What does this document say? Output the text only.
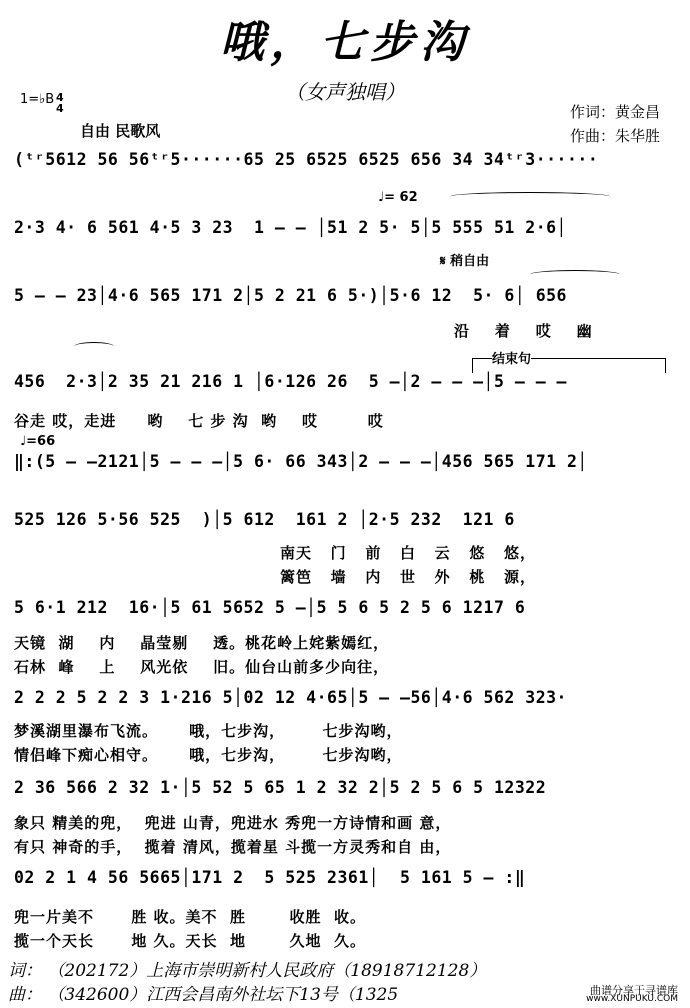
哦，七步沟
（女声独唱）
1=♭B 4
4
自由 民歌风
作词：黄金昌
作曲：朱华胜
(ᵗʳ5612 56 56ᵗʳ5······65 25 6525 6525 656 34 34ᵗʳ3······
♩= 62
2·3 4· 6 561 4·5 3 23  1 — — │51 2 5· 5│5 555 51 2·6│
𝄋 稍自由
5 — — 23│4·6 565 171 2│5 2 21 6 5·)│5·6 12  5· 6│ 656
沿    着    哎    幽
结束句
456  2·3│2 35 21 216 1 │6·126 26  5 —│2 — — —│5 — — —
谷走 哎，走进     哟    七 步 沟  哟    哎        哎
♩=66
‖:(5 — —2121│5 — — —│5 6· 66 343│2 — — —│456 565 171 2│
525 126 5·56 525  )│5 612  161 2 │2·5 232  121 6
南天   门   前   白   云   悠   悠，
篱笆   墙   内   世   外   桃   源，
5 6·1 212  16·│5 61 5652 5 —│5 5 6 5 2 5 6 1217 6
天镜  湖    内    晶莹剔    透。桃花岭上姹紫嫣红，
石林  峰    上    风光依    旧。仙台山前多少向往，
2 2 2 5 2 2 3 1·216 5│02 12 4·65│5 — —56│4·6 562 323·
梦溪湖里瀑布飞流。     哦，七步沟，      七步沟哟，
情侣峰下痴心相守。     哦，七步沟，      七步沟哟，
2 36 566 2 32 1·│5 52 5 65 1 2 32 2│5 2 5 6 5 12322
象只 精美的兜，  兜进 山青，兜进水 秀兜一方诗情和画 意，
有只 神奇的手，  揽着 清风，揽着星 斗揽一方灵秀和自 由，
02 2 1 4 56 5665│171 2  5 525 2361│  5 161 5 — :‖
兜一片美不      胜 收。美不  胜       收胜  收。
揽一个天长      地 久。天长  地       久地  久。
词： （202172）上海市崇明新村人民政府（18918712128）
曲： （342600）江西会昌南外社坛下13号（1325	曲谱分享于寻谱库
www.XUNPUKU.COM
